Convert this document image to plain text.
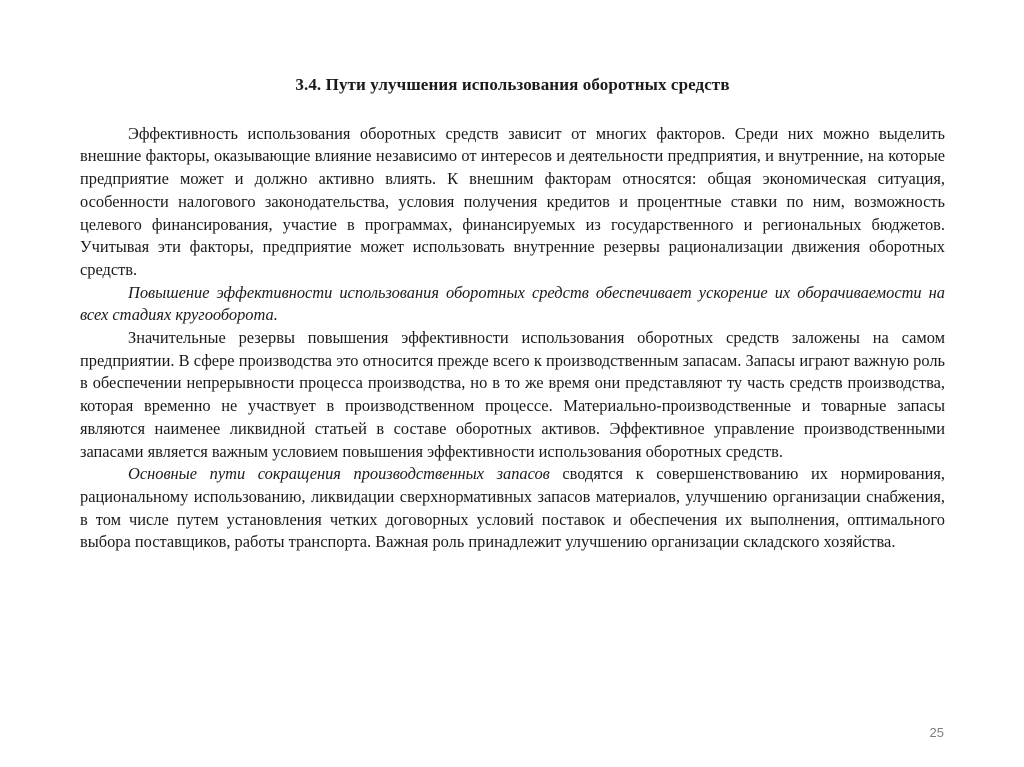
3.4. Пути улучшения использования оборотных средств

Эффективность использования оборотных средств зависит от многих факторов. Среди них можно выделить внешние факторы, оказывающие влияние независимо от интересов и деятельности предприятия, и внутренние, на которые предприятие может и должно активно влиять. К внешним факторам относятся: общая экономическая ситуация, особенности налогового законодательства, условия получения кредитов и процентные ставки по ним, возможность целевого финансирования, участие в программах, финансируемых из государственного и региональных бюджетов. Учитывая эти факторы, предприятие может использовать внутренние резервы рационализации движения оборотных средств.

Повышение эффективности использования оборотных средств обеспечивает ускорение их оборачиваемости на всех стадиях кругооборота.

Значительные резервы повышения эффективности использования оборотных средств заложены на самом предприятии. В сфере производства это относится прежде всего к производственным запасам. Запасы играют важную роль в обеспечении непрерывности процесса производства, но в то же время они представляют ту часть средств производства, которая временно не участвует в производственном процессе. Материально-производственные и товарные запасы являются наименее ликвидной статьей в составе оборотных активов. Эффективное управление производственными запасами является важным условием повышения эффективности использования оборотных средств.

Основные пути сокращения производственных запасов сводятся к совершенствованию их нормирования, рациональному использованию, ликвидации сверхнормативных запасов материалов, улучшению организации снабжения, в том числе путем установления четких договорных условий поставок и обеспечения их выполнения, оптимального выбора поставщиков, работы транспорта. Важная роль принадлежит улучшению организации складского хозяйства.

25
